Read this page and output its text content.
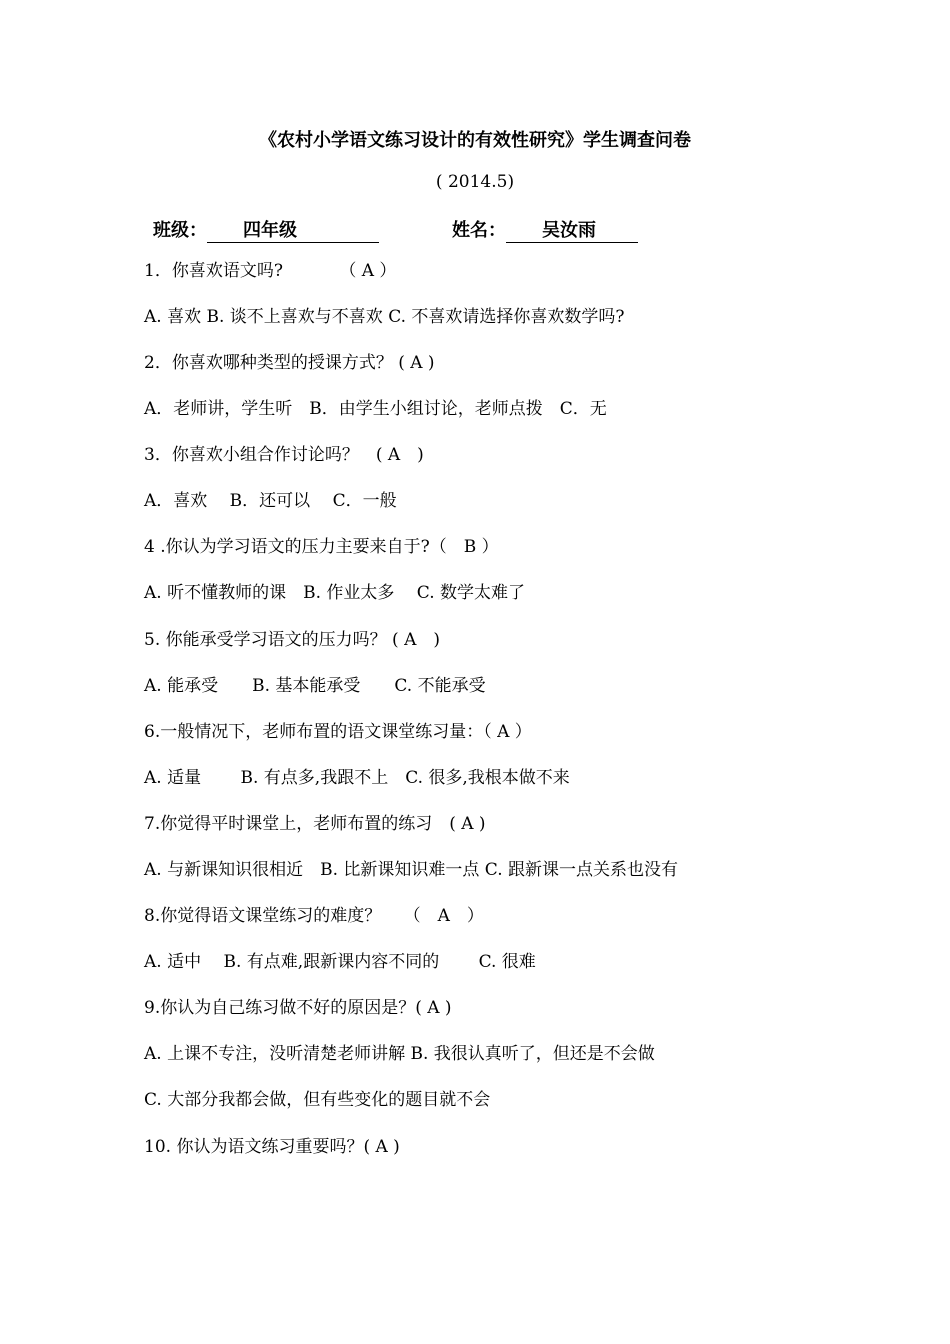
《农村小学语文练习设计的有效性研究》学生调查问卷
( 2014.5)
班级： 四年级	姓名： 吴汝雨
1．你喜欢语文吗?　　　 （ A ）
A. 喜欢 B. 谈不上喜欢与不喜欢 C. 不喜欢请选择你喜欢数学吗?
2．你喜欢哪种类型的授课方式？ ( A )
A．老师讲，学生听　B．由学生小组讨论，老师点拨　C．无
3．你喜欢小组合作讨论吗？　( A　)
A．喜欢　 B．还可以　 C．一般
4 .你认为学习语文的压力主要来自于?（　B ）
A. 听不懂教师的课　B. 作业太多　 C. 数学太难了
5. 你能承受学习语文的压力吗？ ( A　)
A. 能承受　　B. 基本能承受　　C. 不能承受
6.一般情况下，老师布置的语文课堂练习量：（ A ）
A. 适量　　 B. 有点多,我跟不上　C. 很多,我根本做不来
7.你觉得平时课堂上，老师布置的练习　( A )
A. 与新课知识很相近　B. 比新课知识难一点 C. 跟新课一点关系也没有
8.你觉得语文课堂练习的难度？　 （　A　）
A. 适中　 B. 有点难,跟新课内容不同的　　 C. 很难
9.你认为自己练习做不好的原因是？( A )
A. 上课不专注，没听清楚老师讲解 B. 我很认真听了，但还是不会做
C. 大部分我都会做，但有些变化的题目就不会
10. 你认为语文练习重要吗？( A )
